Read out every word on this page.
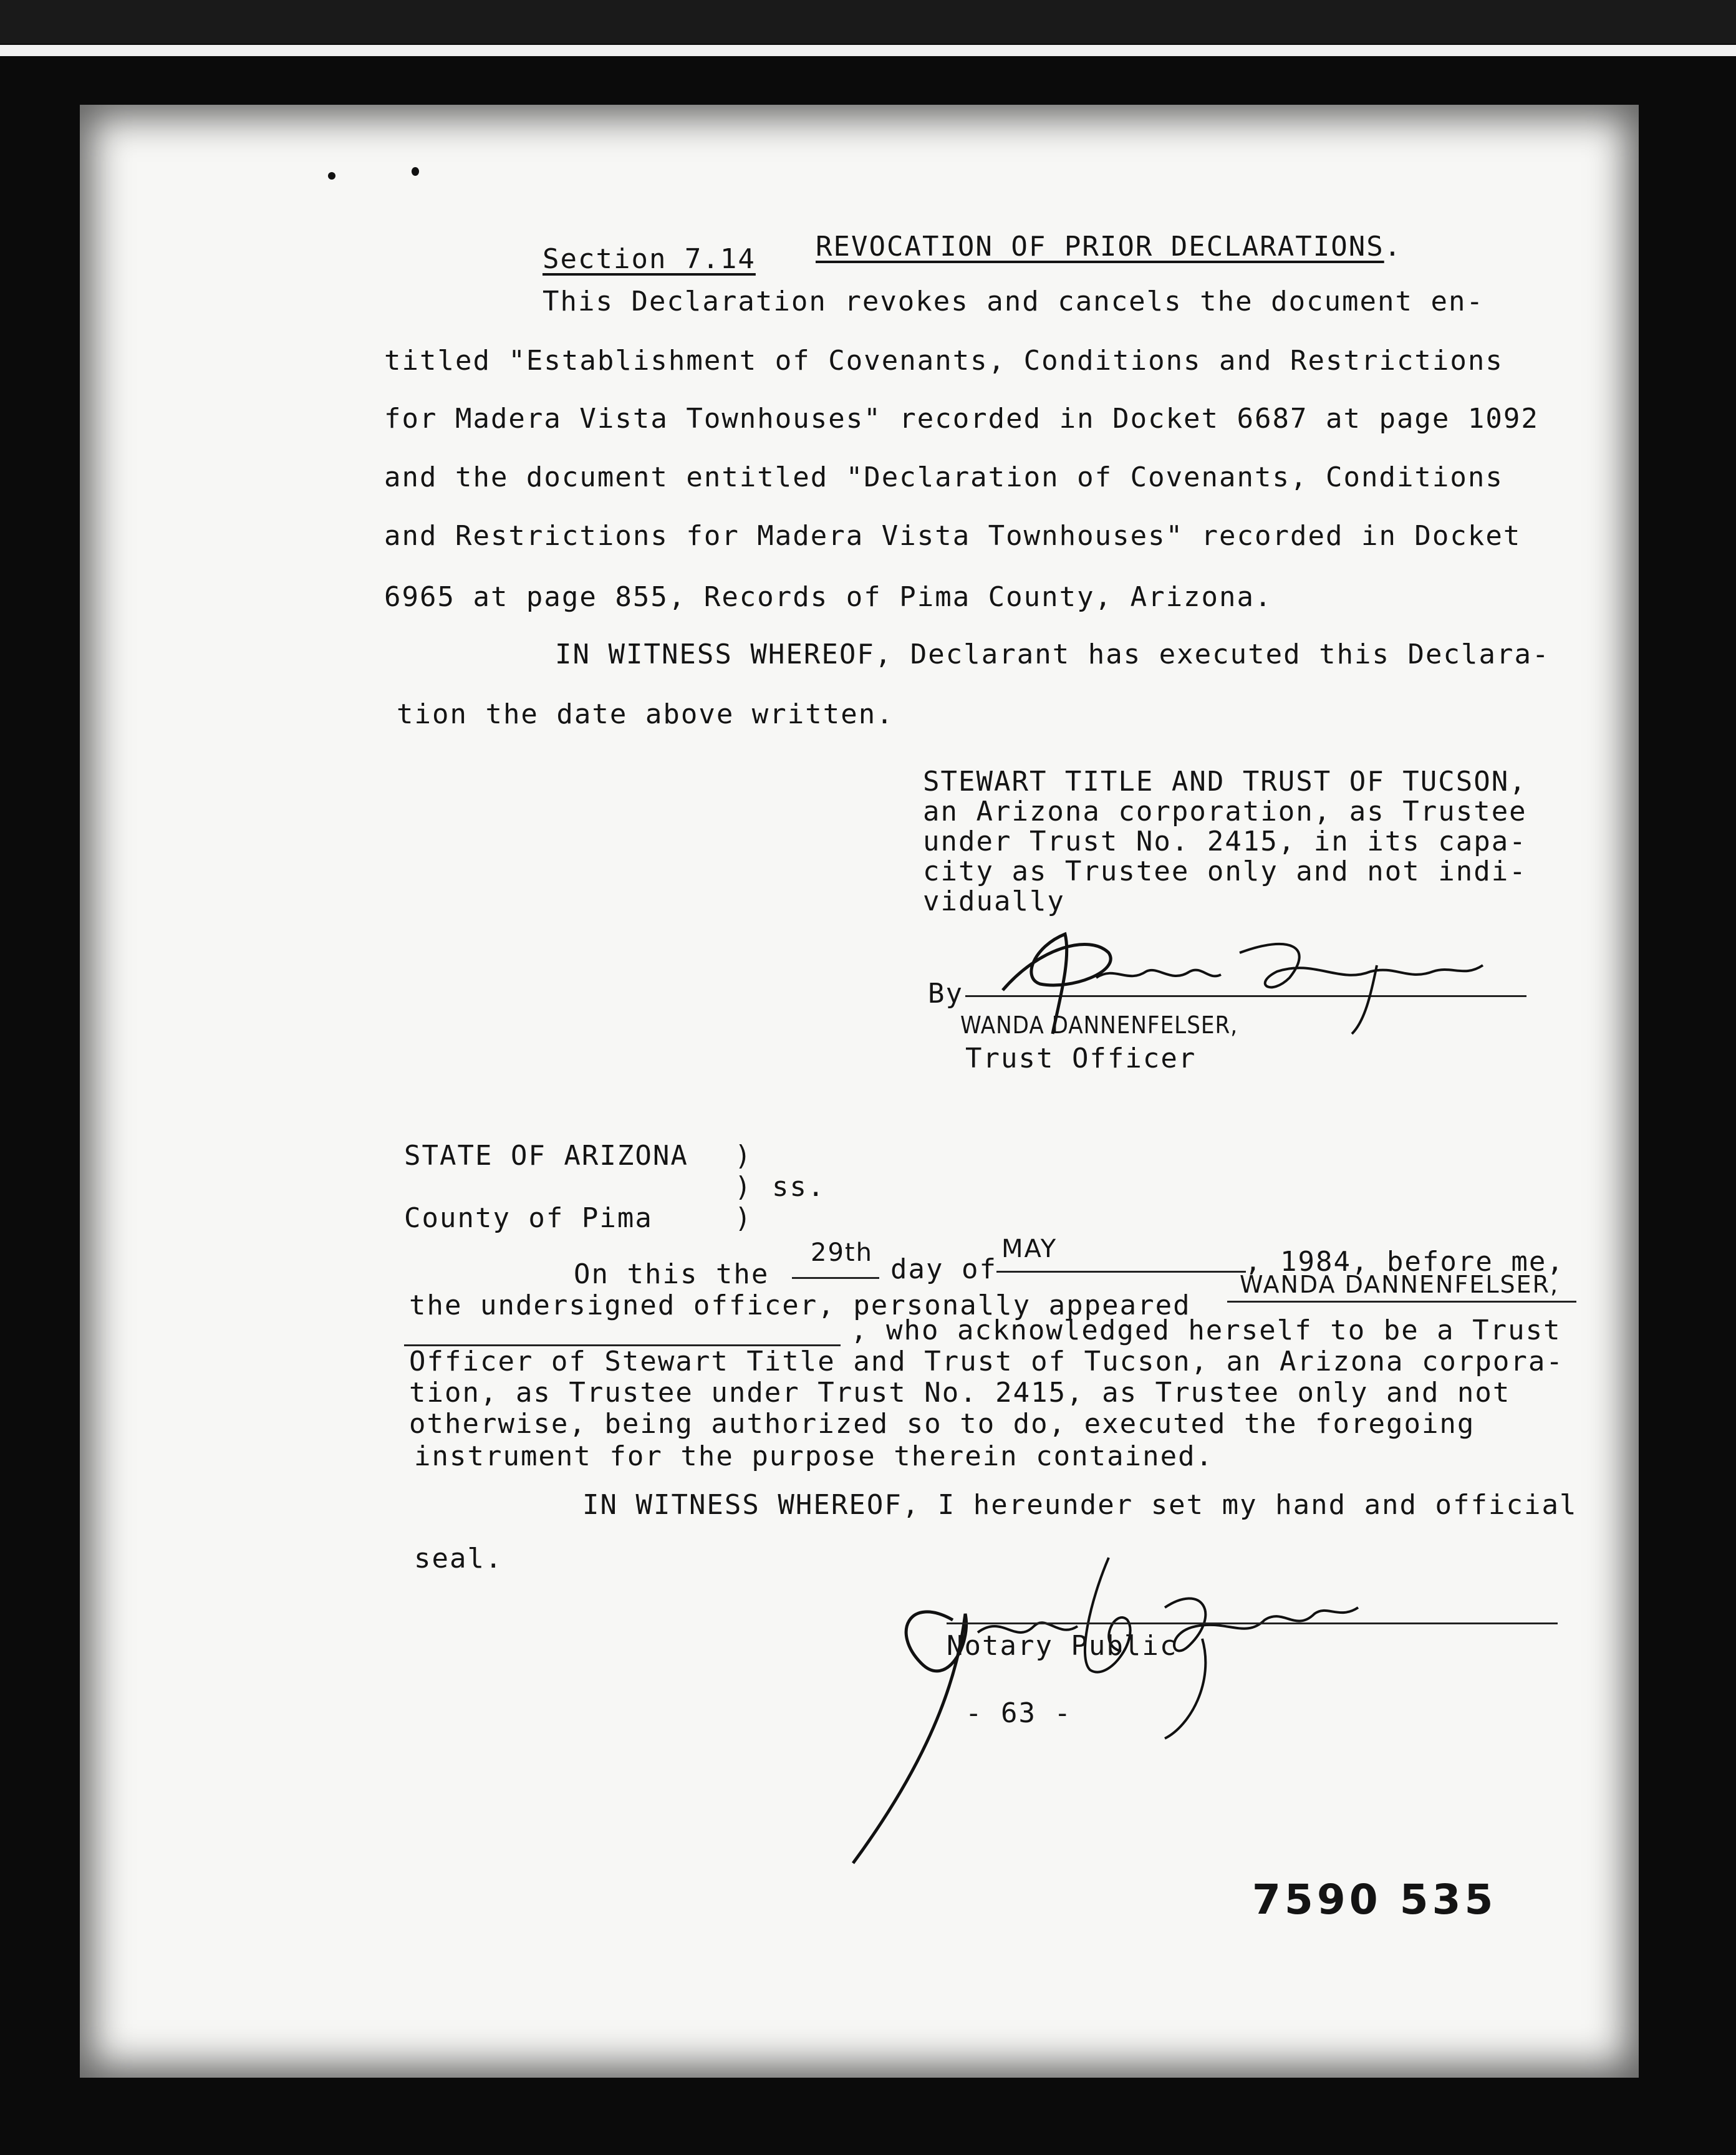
Section 7.14 REVOCATION OF PRIOR DECLARATIONS.
This Declaration revokes and cancels the document en-
titled "Establishment of Covenants, Conditions and Restrictions
for Madera Vista Townhouses" recorded in Docket 6687 at page 1092
and the document entitled "Declaration of Covenants, Conditions
and Restrictions for Madera Vista Townhouses" recorded in Docket
6965 at page 855, Records of Pima County, Arizona.
IN WITNESS WHEREOF, Declarant has executed this Declara-
tion the date above written.
STEWART TITLE AND TRUST OF TUCSON,
an Arizona corporation, as Trustee
under Trust No. 2415, in its capa-
city as Trustee only and not indi-
vidually
By
WANDA DANNENFELSER,
Trust Officer
STATE OF ARIZONA )
) ss.
County of Pima	)
On this the
29th
day of
MAY	, 1984, before me,
the undersigned officer, personally appeared
WANDA DANNENFELSER,
, who acknowledged herself to be a Trust
Officer of Stewart Title and Trust of Tucson, an Arizona corpora-
tion, as Trustee under Trust No. 2415, as Trustee only and not
otherwise, being authorized so to do, executed the foregoing
instrument for the purpose therein contained.
IN WITNESS WHEREOF, I hereunder set my hand and official
seal.
Notary Public
- 63 -
7590 535
